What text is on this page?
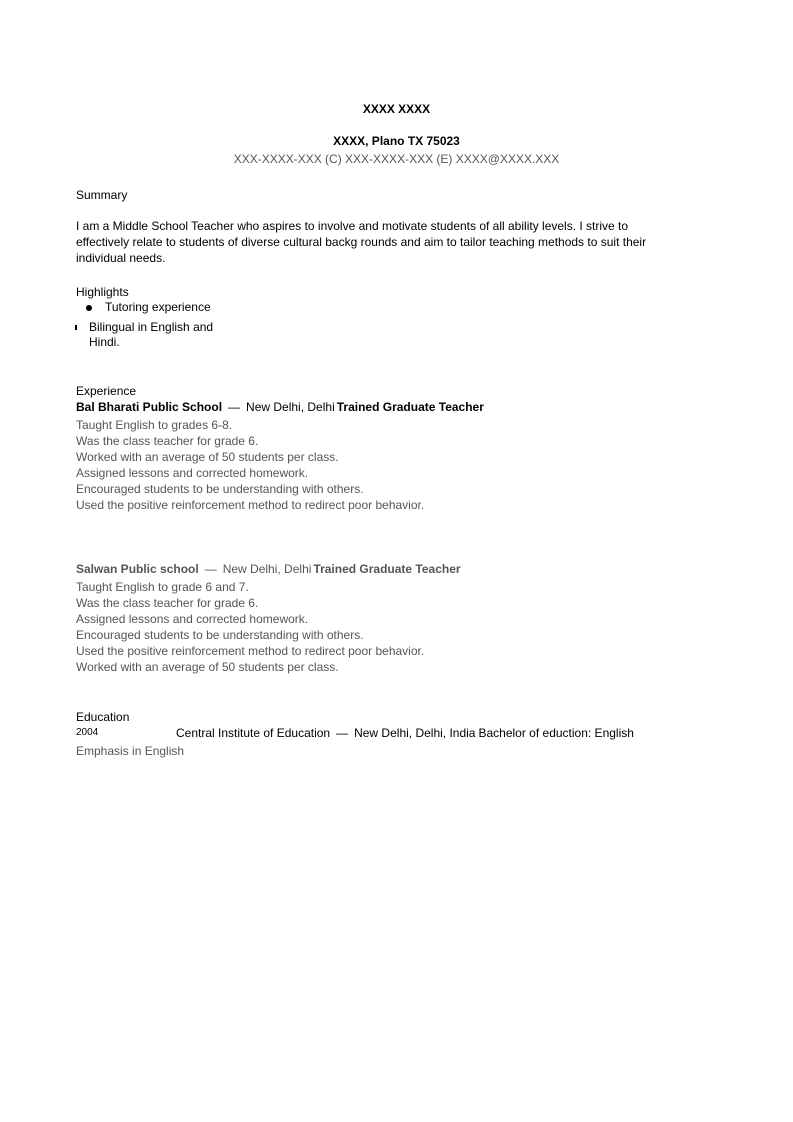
XXXX XXXX
XXXX, Plano TX 75023
XXX-XXXX-XXX (C) XXX-XXXX-XXX (E) XXXX@XXXX.XXX
Summary
I am a Middle School Teacher who aspires to involve and motivate students of all ability levels. I strive to
effectively relate to students of diverse cultural backg rounds and aim to tailor teaching methods to suit their
individual needs.
Highlights
Tutoring experience
Bilingual in English and
Hindi.
Experience
Bal Bharati Public School — New Delhi, Delhi Trained Graduate Teacher
Taught English to grades 6-8.
Was the class teacher for grade 6.
Worked with an average of 50 students per class.
Assigned lessons and corrected homework.
Encouraged students to be understanding with others.
Used the positive reinforcement method to redirect poor behavior.
Salwan Public school — New Delhi, Delhi Trained Graduate Teacher
Taught English to grade 6 and 7.
Was the class teacher for grade 6.
Assigned lessons and corrected homework.
Encouraged students to be understanding with others.
Used the positive reinforcement method to redirect poor behavior.
Worked with an average of 50 students per class.
Education
2004	Central Institute of Education — New Delhi, Delhi, India Bachelor of eduction: English
Emphasis in English
